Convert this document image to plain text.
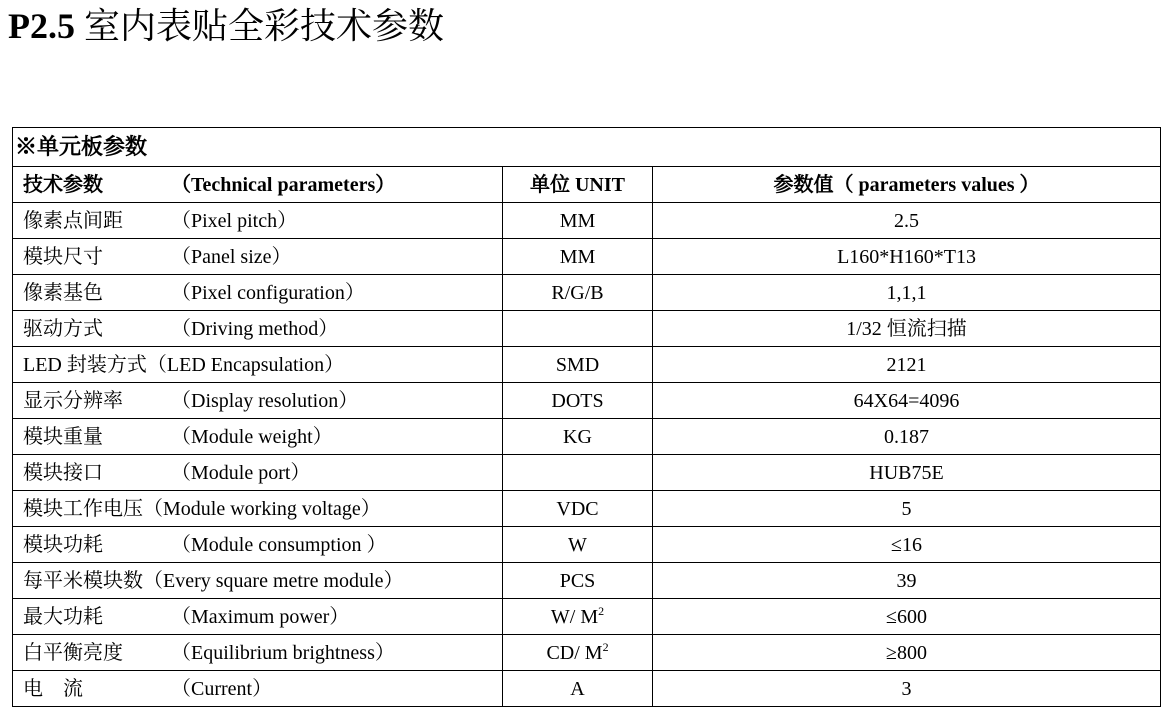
P2.5 室内表贴全彩技术参数
※单元板参数		
技术参数 （Technical parameters）	单位 UNIT	参数值（ parameters values ）
像素点间距 （Pixel pitch）	MM	2.5
模块尺寸 （Panel size）	MM	L160*H160*T13
像素基色 （Pixel configuration）	R/G/B	1,1,1
驱动方式 （Driving method）		1/32 恒流扫描
LED 封装方式（LED Encapsulation）	SMD	2121
显示分辨率 （Display resolution）	DOTS	64X64=4096
模块重量 （Module weight）	KG	0.187
模块接口 （Module port）		HUB75E
模块工作电压（Module working voltage）	VDC	5
模块功耗 （Module consumption ）	W	≤16
每平米模块数（Every square metre module）	PCS	39
最大功耗 （Maximum power）	W/ $M^2$	≤600
白平衡亮度 （Equilibrium brightness）	CD/ $M^2$	≥800
电　流 （Current）	A	3
